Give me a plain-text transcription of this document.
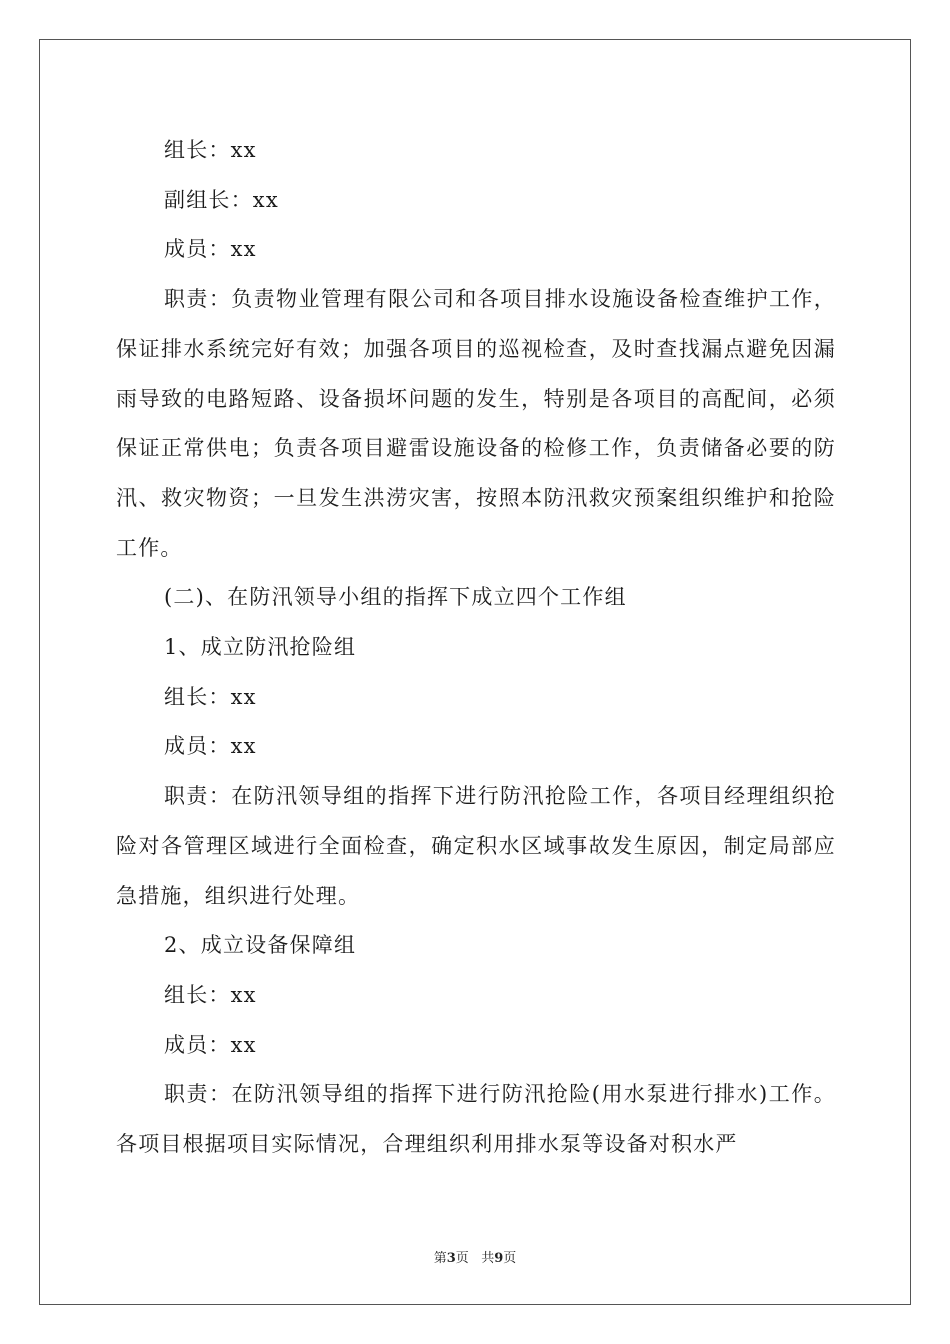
组长：xx

副组长：xx

成员：xx

职责：负责物业管理有限公司和各项目排水设施设备检查维护工作，保证排水系统完好有效；加强各项目的巡视检查，及时查找漏点避免因漏雨导致的电路短路、设备损坏问题的发生，特别是各项目的高配间，必须保证正常供电；负责各项目避雷设施设备的检修工作，负责储备必要的防汛、救灾物资；一旦发生洪涝灾害，按照本防汛救灾预案组织维护和抢险工作。

(二)、在防汛领导小组的指挥下成立四个工作组

1、成立防汛抢险组

组长：xx

成员：xx

职责：在防汛领导组的指挥下进行防汛抢险工作，各项目经理组织抢险对各管理区域进行全面检查，确定积水区域事故发生原因，制定局部应急措施，组织进行处理。

2、成立设备保障组

组长：xx

成员：xx

职责：在防汛领导组的指挥下进行防汛抢险(用水泵进行排水)工作。各项目根据项目实际情况，合理组织利用排水泵等设备对积水严

第3页 共9页
